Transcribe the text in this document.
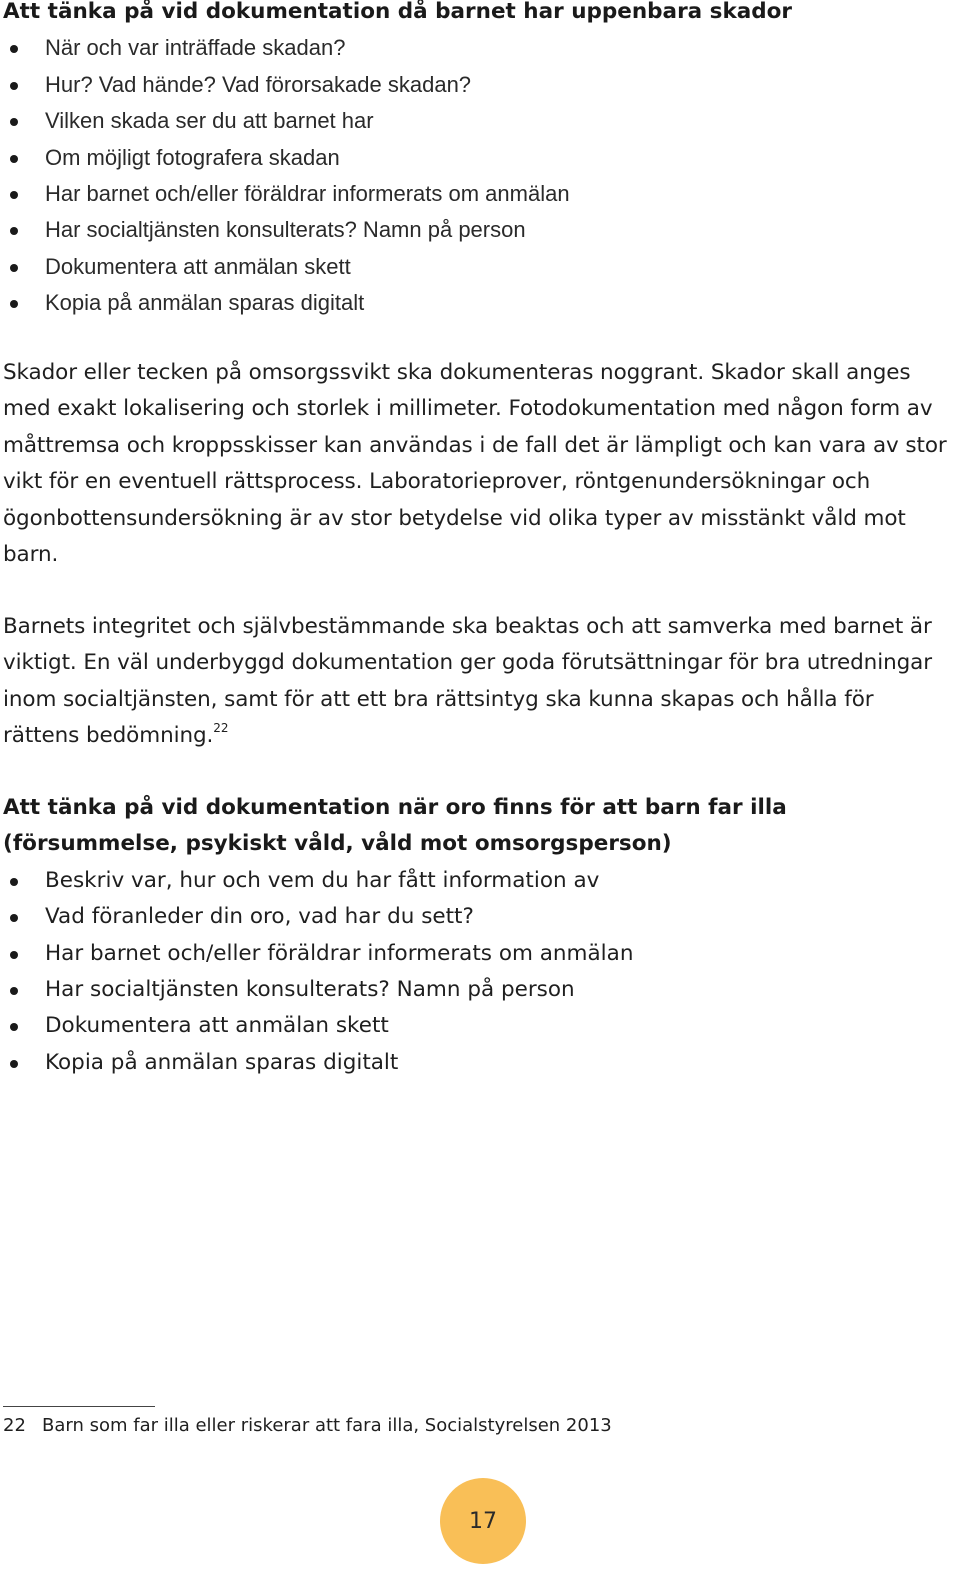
Att tänka på vid dokumentation då barnet har uppenbara skador
När och var inträffade skadan?
Hur? Vad hände? Vad förorsakade skadan?
Vilken skada ser du att barnet har
Om möjligt fotografera skadan
Har barnet och/eller föräldrar informerats om anmälan
Har socialtjänsten konsulterats? Namn på person
Dokumentera att anmälan skett
Kopia på anmälan sparas digitalt

Skador eller tecken på omsorgssvikt ska dokumenteras noggrant. Skador skall anges med exakt lokalisering och storlek i millimeter. Fotodokumentation med någon form av måttremsa och kroppsskisser kan användas i de fall det är lämpligt och kan vara av stor vikt för en eventuell rättsprocess. Laboratorieprover, röntgenundersökningar och ögonbottensundersökning är av stor betydelse vid olika typer av misstänkt våld mot barn.

Barnets integritet och självbestämmande ska beaktas och att samverka med barnet är viktigt. En väl underbyggd dokumentation ger goda förutsättningar för bra utredningar inom socialtjänsten, samt för att ett bra rättsintyg ska kunna skapas och hålla för rättens bedömning.$^{22}$

Att tänka på vid dokumentation när oro finns för att barn far illa (försummelse, psykiskt våld, våld mot omsorgsperson)
Beskriv var, hur och vem du har fått information av
Vad föranleder din oro, vad har du sett?
Har barnet och/eller föräldrar informerats om anmälan
Har socialtjänsten konsulterats? Namn på person
Dokumentera att anmälan skett
Kopia på anmälan sparas digitalt
22 Barn som far illa eller riskerar att fara illa, Socialstyrelsen 2013
17
